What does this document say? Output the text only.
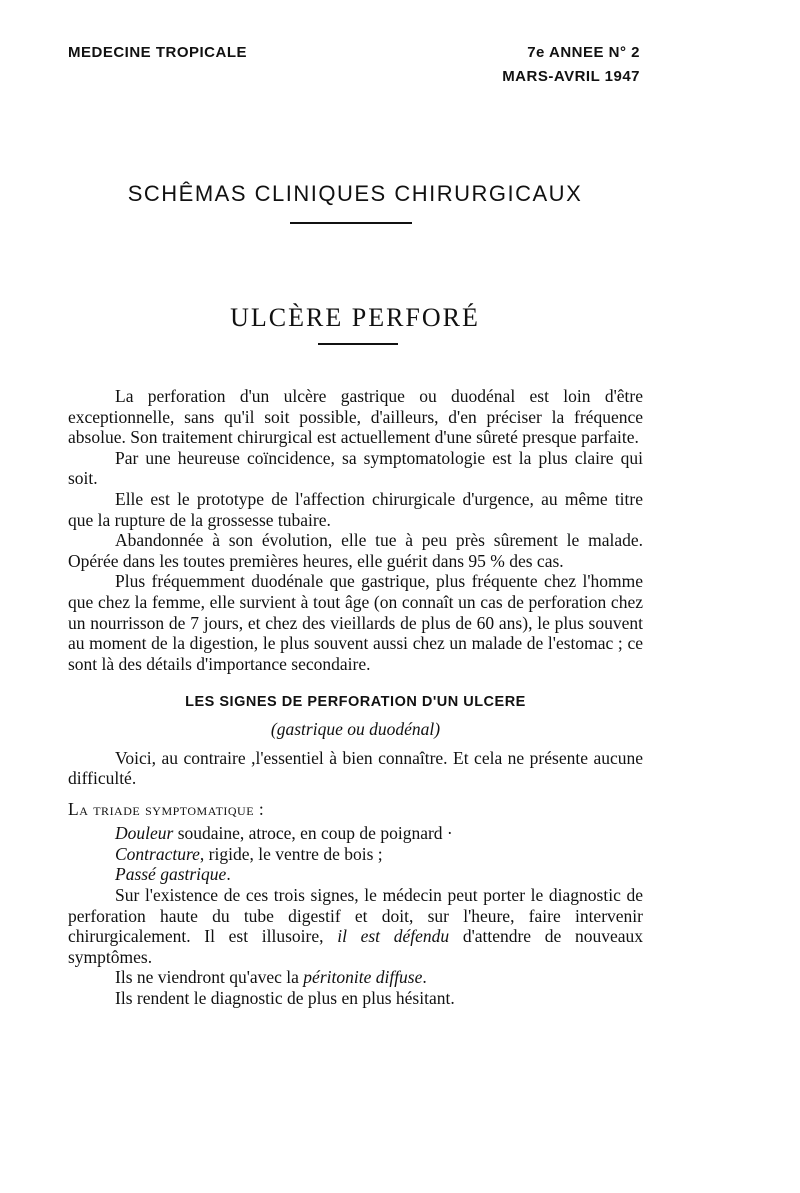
MEDECINE TROPICALE	7e ANNEE N° 2
MARS-AVRIL 1947
SCHÊMAS CLINIQUES CHIRURGICAUX
ULCÈRE PERFORÉ

La perforation d'un ulcère gastrique ou duodénal est loin d'être exceptionnelle, sans qu'il soit possible, d'ailleurs, d'en préciser la fréquence absolue. Son traitement chirurgical est actuellement d'une sûreté presque parfaite.

Par une heureuse coïncidence, sa symptomatologie est la plus claire qui soit.

Elle est le prototype de l'affection chirurgicale d'urgence, au même titre que la rupture de la grossesse tubaire.

Abandonnée à son évolution, elle tue à peu près sûrement le malade. Opérée dans les toutes premières heures, elle guérit dans 95 % des cas.

Plus fréquemment duodénale que gastrique, plus fréquente chez l'homme que chez la femme, elle survient à tout âge (on connaît un cas de perforation chez un nourrisson de 7 jours, et chez des vieillards de plus de 60 ans), le plus souvent au moment de la digestion, le plus souvent aussi chez un malade de l'estomac ; ce sont là des détails d'importance secondaire.

LES SIGNES DE PERFORATION D'UN ULCERE
(gastrique ou duodénal)

Voici, au contraire ,l'essentiel à bien connaître. Et cela ne présente aucune difficulté.

La triade symptomatique :
Douleur soudaine, atroce, en coup de poignard ·
Contracture, rigide, le ventre de bois ;
Passé gastrique.

Sur l'existence de ces trois signes, le médecin peut porter le diagnostic de perforation haute du tube digestif et doit, sur l'heure, faire intervenir chirurgicalement. Il est illusoire, il est défendu d'attendre de nouveaux symptômes.

Ils ne viendront qu'avec la péritonite diffuse.

Ils rendent le diagnostic de plus en plus hésitant.
